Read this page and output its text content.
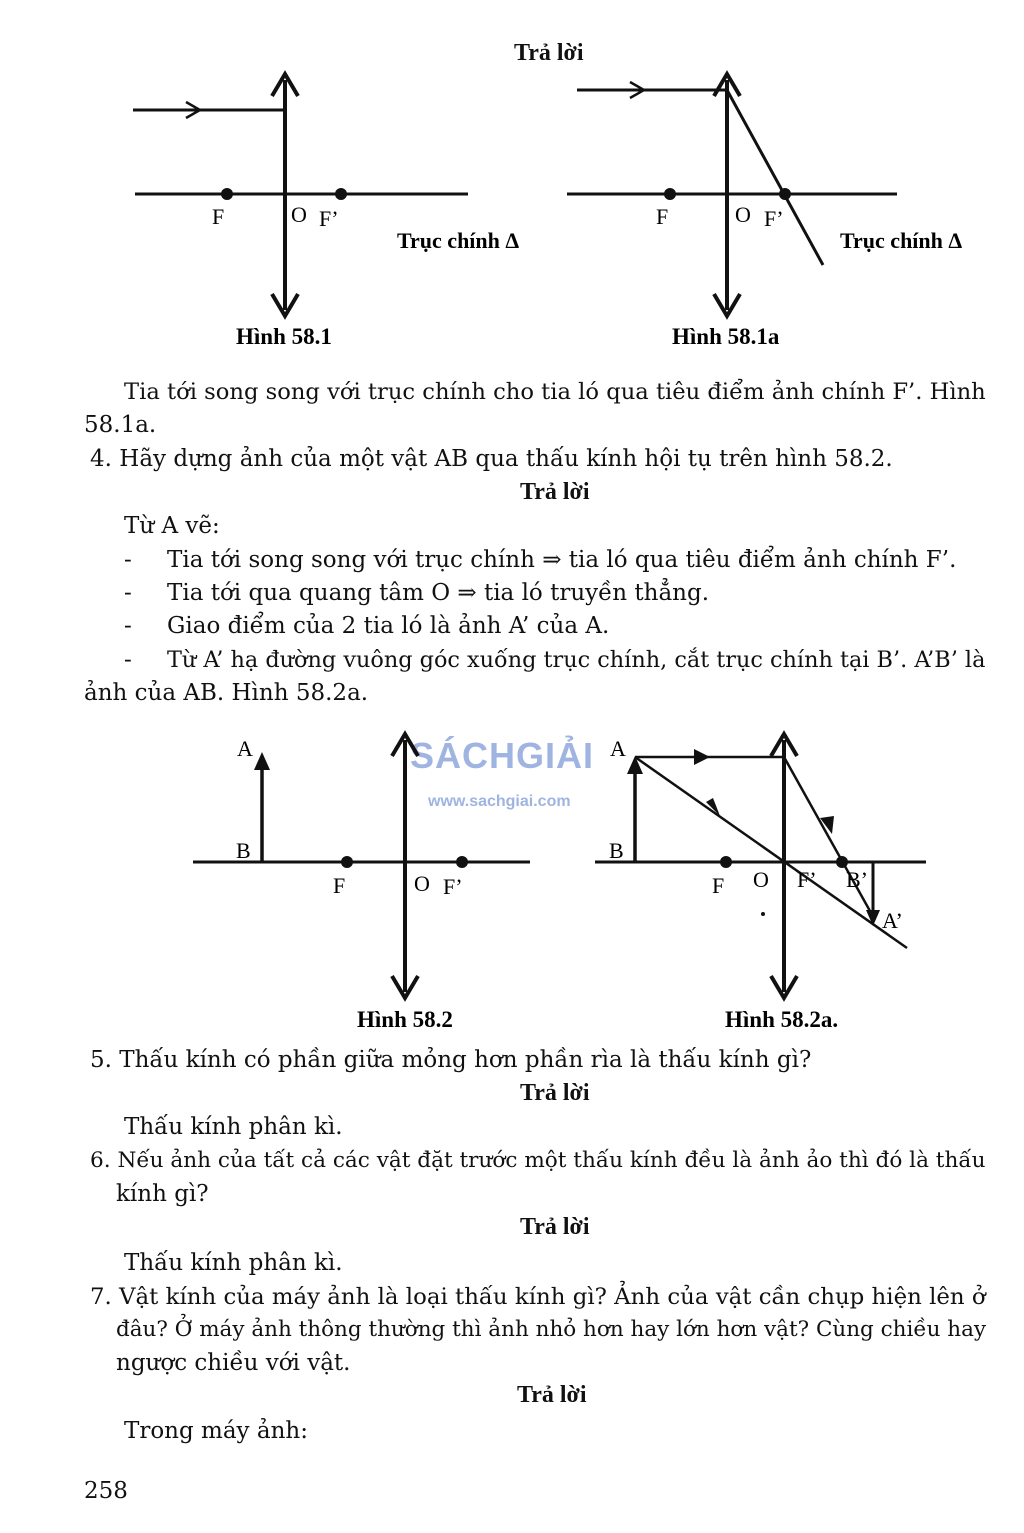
Trả lời
F	O F’
Trục chính Δ
Hình 58.1
F	O F’
Trục chính Δ
Hình 58.1a
Tia tới song song với trục chính cho tia ló qua tiêu điểm ảnh chính F’. Hình
58.1a.
4. Hãy dựng ảnh của một vật AB qua thấu kính hội tụ trên hình 58.2.
Trả lời
Từ A vẽ:
- Tia tới song song với trục chính ⇒ tia ló qua tiêu điểm ảnh chính F’.
- Tia tới qua quang tâm O ⇒ tia ló truyền thẳng.
- Giao điểm của 2 tia ló là ảnh A’ của A.
- Từ A’ hạ đường vuông góc xuống trục chính, cắt trục chính tại B’. A’B’ là
ảnh của AB. Hình 58.2a.
SÁCHGIẢI
www.sachgiai.com
A
B
F	O F’
Hình 58.2
A
B
F O F’ B’
A’
Hình 58.2a.
5. Thấu kính có phần giữa mỏng hơn phần rìa là thấu kính gì?
Trả lời
Thấu kính phân kì.
6. Nếu ảnh của tất cả các vật đặt trước một thấu kính đều là ảnh ảo thì đó là thấu
kính gì?
Trả lời
Thấu kính phân kì.
7. Vật kính của máy ảnh là loại thấu kính gì? Ảnh của vật cần chụp hiện lên ở
đâu? Ở máy ảnh thông thường thì ảnh nhỏ hơn hay lớn hơn vật? Cùng chiều hay
ngược chiều với vật.
Trả lời
Trong máy ảnh:
258
